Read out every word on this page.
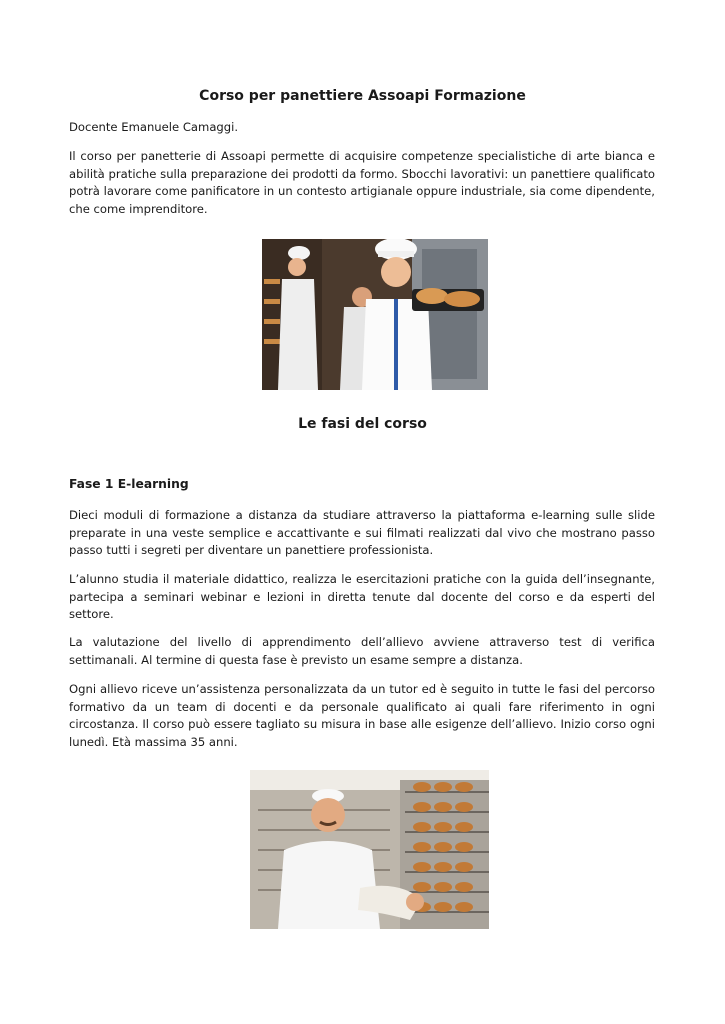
Corso per panettiere Assoapi Formazione

Docente Emanuele Camaggi.

Il corso per panetterie di Assoapi permette di acquisire competenze specialistiche di arte bianca e abilità pratiche sulla preparazione dei prodotti da formo. Sbocchi lavorativi: un panettiere qualificato potrà lavorare come panificatore in un contesto artigianale oppure industriale, sia come dipendente, che come imprenditore.

Le fasi del corso
Fase 1 E-learning

Dieci moduli di formazione a distanza da studiare attraverso la piattaforma e-learning sulle slide preparate in una veste semplice e accattivante e sui filmati realizzati dal vivo che mostrano passo passo tutti i segreti per diventare un panettiere professionista.

L’alunno studia il materiale didattico, realizza le esercitazioni pratiche con la guida dell’insegnante, partecipa a seminari webinar e lezioni in diretta tenute dal docente del corso e da esperti del settore.

La valutazione del livello di apprendimento dell’allievo avviene attraverso test di verifica settimanali. Al termine di questa fase è previsto un esame sempre a distanza.

Ogni allievo riceve un’assistenza personalizzata da un tutor ed è seguito in tutte le fasi del percorso formativo da un team di docenti e da personale qualificato ai quali fare riferimento in ogni circostanza. Il corso può essere tagliato su misura in base alle esigenze dell’allievo. Inizio corso ogni lunedì. Età massima 35 anni.
